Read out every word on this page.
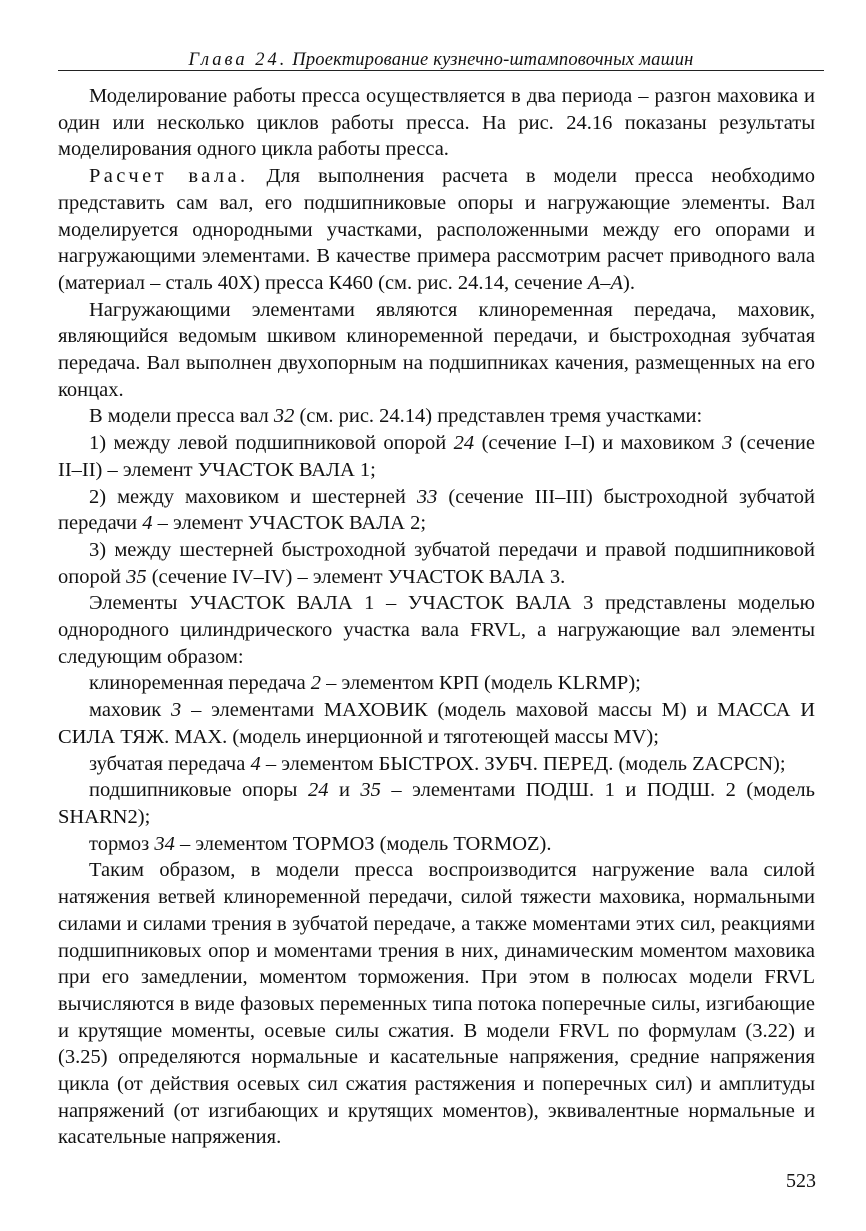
Глава 24. Проектирование кузнечно-штамповочных машин

Моделирование работы пресса осуществляется в два периода – разгон маховика и один или несколько циклов работы пресса. На рис. 24.16 показаны результаты моделирования одного цикла работы пресса.

Расчет вала. Для выполнения расчета в модели пресса необходимо представить сам вал, его подшипниковые опоры и нагружающие элементы. Вал моделируется однородными участками, расположенными между его опорами и нагружающими элементами. В качестве примера рассмотрим расчет приводного вала (материал – сталь 40Х) пресса К460 (см. рис. 24.14, сечение А–А).

Нагружающими элементами являются клиноременная передача, маховик, являющийся ведомым шкивом клиноременной передачи, и быстроходная зубчатая передача. Вал выполнен двухопорным на подшипниках качения, размещенных на его концах.

В модели пресса вал 32 (см. рис. 24.14) представлен тремя участками:

1) между левой подшипниковой опорой 24 (сечение I–I) и маховиком 3 (сечение II–II) – элемент УЧАСТОК ВАЛА 1;

2) между маховиком и шестерней 33 (сечение III–III) быстроходной зубчатой передачи 4 – элемент УЧАСТОК ВАЛА 2;

3) между шестерней быстроходной зубчатой передачи и правой подшипниковой опорой 35 (сечение IV–IV) – элемент УЧАСТОК ВАЛА 3.

Элементы УЧАСТОК ВАЛА 1 – УЧАСТОК ВАЛА 3 представлены моделью однородного цилиндрического участка вала FRVL, а нагружающие вал элементы следующим образом:

клиноременная передача 2 – элементом КРП (модель KLRMP);

маховик 3 – элементами МАХОВИК (модель маховой массы M) и МАССА И СИЛА ТЯЖ. МАХ. (модель инерционной и тяготеющей массы MV);

зубчатая передача 4 – элементом БЫСТРОХ. ЗУБЧ. ПЕРЕД. (модель ZACPCN);

подшипниковые опоры 24 и 35 – элементами ПОДШ. 1 и ПОДШ. 2 (модель SHARN2);

тормоз 34 – элементом ТОРМОЗ (модель TORMOZ).

Таким образом, в модели пресса воспроизводится нагружение вала силой натяжения ветвей клиноременной передачи, силой тяжести маховика, нормальными силами и силами трения в зубчатой передаче, а также моментами этих сил, реакциями подшипниковых опор и моментами трения в них, динамическим моментом маховика при его замедлении, моментом торможения. При этом в полюсах модели FRVL вычисляются в виде фазовых переменных типа потока поперечные силы, изгибающие и крутящие моменты, осевые силы сжатия. В модели FRVL по формулам (3.22) и (3.25) определяются нормальные и касательные напряжения, средние напряжения цикла (от действия осевых сил сжатия растяжения и поперечных сил) и амплитуды напряжений (от изгибающих и крутящих моментов), эквивалентные нормальные и касательные напряжения.

523
